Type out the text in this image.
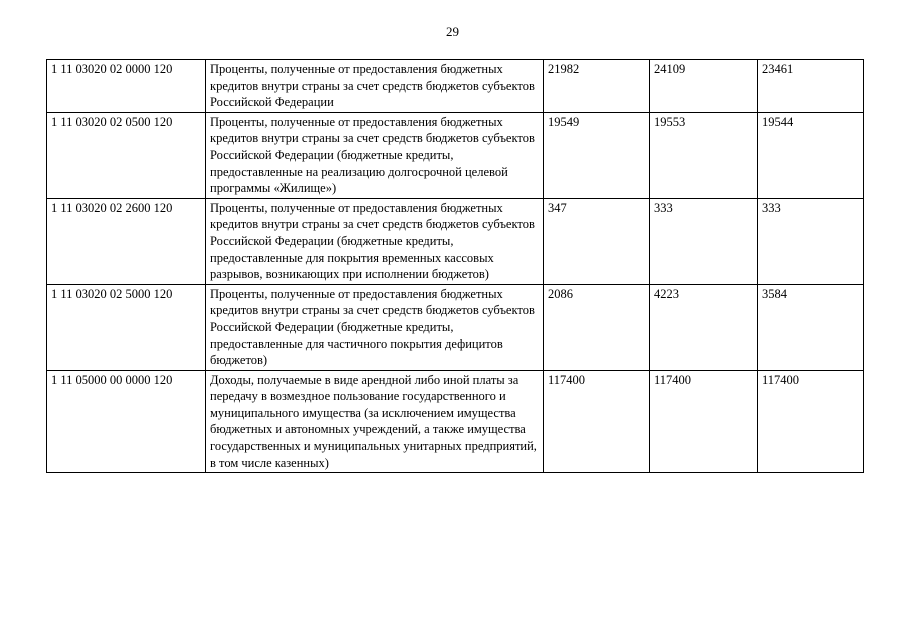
29
1 11 03020 02 0000 120	Проценты, полученные от предоставления бюджетных кредитов внутри страны за счет средств бюджетов субъектов Российской Федерации	21982	24109	23461
1 11 03020 02 0500 120	Проценты, полученные от предоставления бюджетных кредитов внутри страны за счет средств бюджетов субъектов Российской Федерации (бюджетные кредиты, предоставленные на реализацию долгосрочной целевой программы «Жилище»)	19549	19553	19544
1 11 03020 02 2600 120	Проценты, полученные от предоставления бюджетных кредитов внутри страны за счет средств бюджетов субъектов Российской Федерации (бюджетные кредиты, предоставленные для покрытия временных кассовых разрывов, возникающих при исполнении бюджетов)	347	333	333
1 11 03020 02 5000 120	Проценты, полученные от предоставления бюджетных кредитов внутри страны за счет средств бюджетов субъектов Российской Федерации (бюджетные кредиты, предоставленные для частичного покрытия дефицитов бюджетов)	2086	4223	3584
1 11 05000 00 0000 120	Доходы, получаемые в виде арендной либо иной платы за передачу в возмездное пользование государственного и муниципального имущества (за исключением имущества бюджетных и автономных учреждений, а также имущества государственных и муниципальных унитарных предприятий, в том числе казенных)	117400	117400	117400
